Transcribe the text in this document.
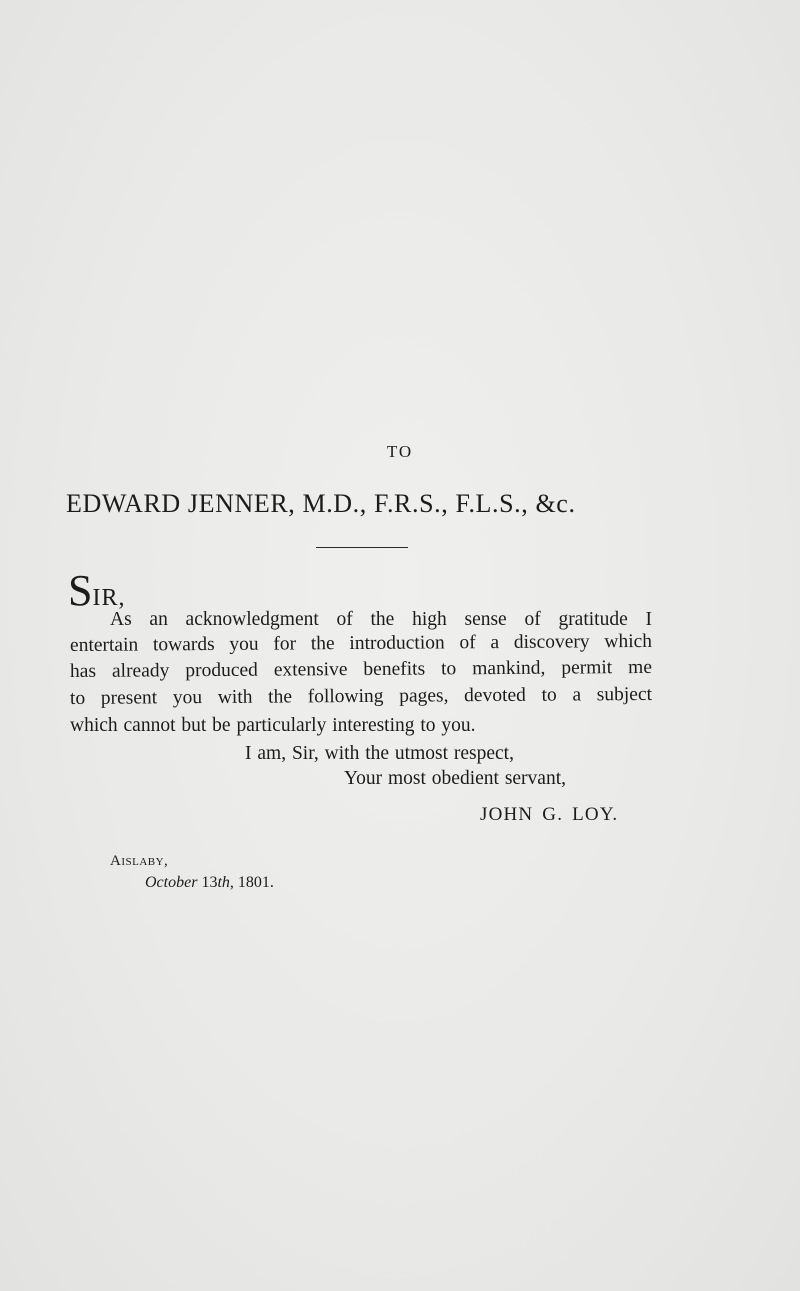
TO
EDWARD JENNER, M.D., F.R.S., F.L.S., &c.
SIR,
As an acknowledgment of the high sense of gratitude I
entertain towards you for the introduction of a discovery which
has already produced extensive benefits to mankind, permit me
to present you with the following pages, devoted to a subject
which cannot but be particularly interesting to you.
I am, Sir, with the utmost respect,
Your most obedient servant,
JOHN G. LOY.
Aislaby,
October 13th, 1801.
